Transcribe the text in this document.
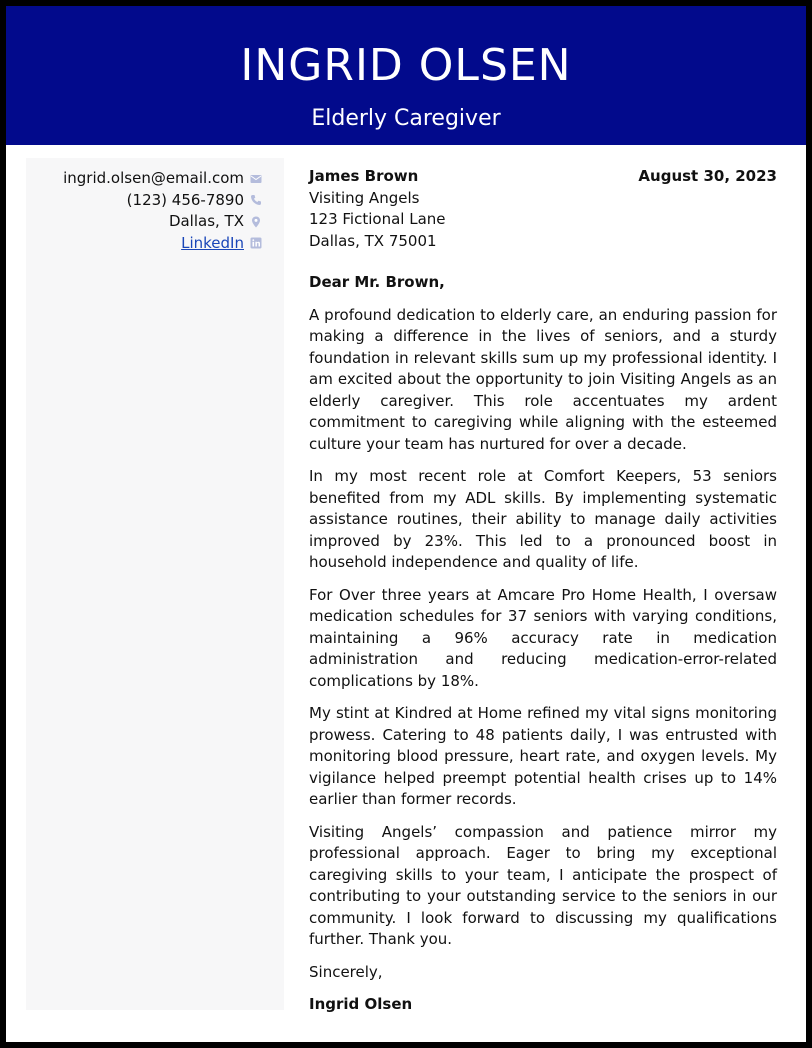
INGRID OLSEN
Elderly Caregiver
ingrid.olsen@email.com
(123) 456-7890
Dallas, TX
LinkedIn
James Brown	August 30, 2023
Visiting Angels
123 Fictional Lane
Dallas, TX 75001
Dear Mr. Brown,
A profound dedication to elderly care, an enduring passion for making a difference in the lives of seniors, and a sturdy foundation in relevant skills sum up my professional identity. I am excited about the opportunity to join Visiting Angels as an elderly caregiver. This role accentuates my ardent commitment to caregiving while aligning with the esteemed culture your team has nurtured for over a decade.
In my most recent role at Comfort Keepers, 53 seniors benefited from my ADL skills. By implementing systematic assistance routines, their ability to manage daily activities improved by 23%. This led to a pronounced boost in household independence and quality of life.
For Over three years at Amcare Pro Home Health, I oversaw medication schedules for 37 seniors with varying conditions, maintaining a 96% accuracy rate in medication administration and reducing medication-error-related complications by 18%.
My stint at Kindred at Home refined my vital signs monitoring prowess. Catering to 48 patients daily, I was entrusted with monitoring blood pressure, heart rate, and oxygen levels. My vigilance helped preempt potential health crises up to 14% earlier than former records.
Visiting Angels’ compassion and patience mirror my professional approach. Eager to bring my exceptional caregiving skills to your team, I anticipate the prospect of contributing to your outstanding service to the seniors in our community. I look forward to discussing my qualifications further. Thank you.
Sincerely,
Ingrid Olsen
